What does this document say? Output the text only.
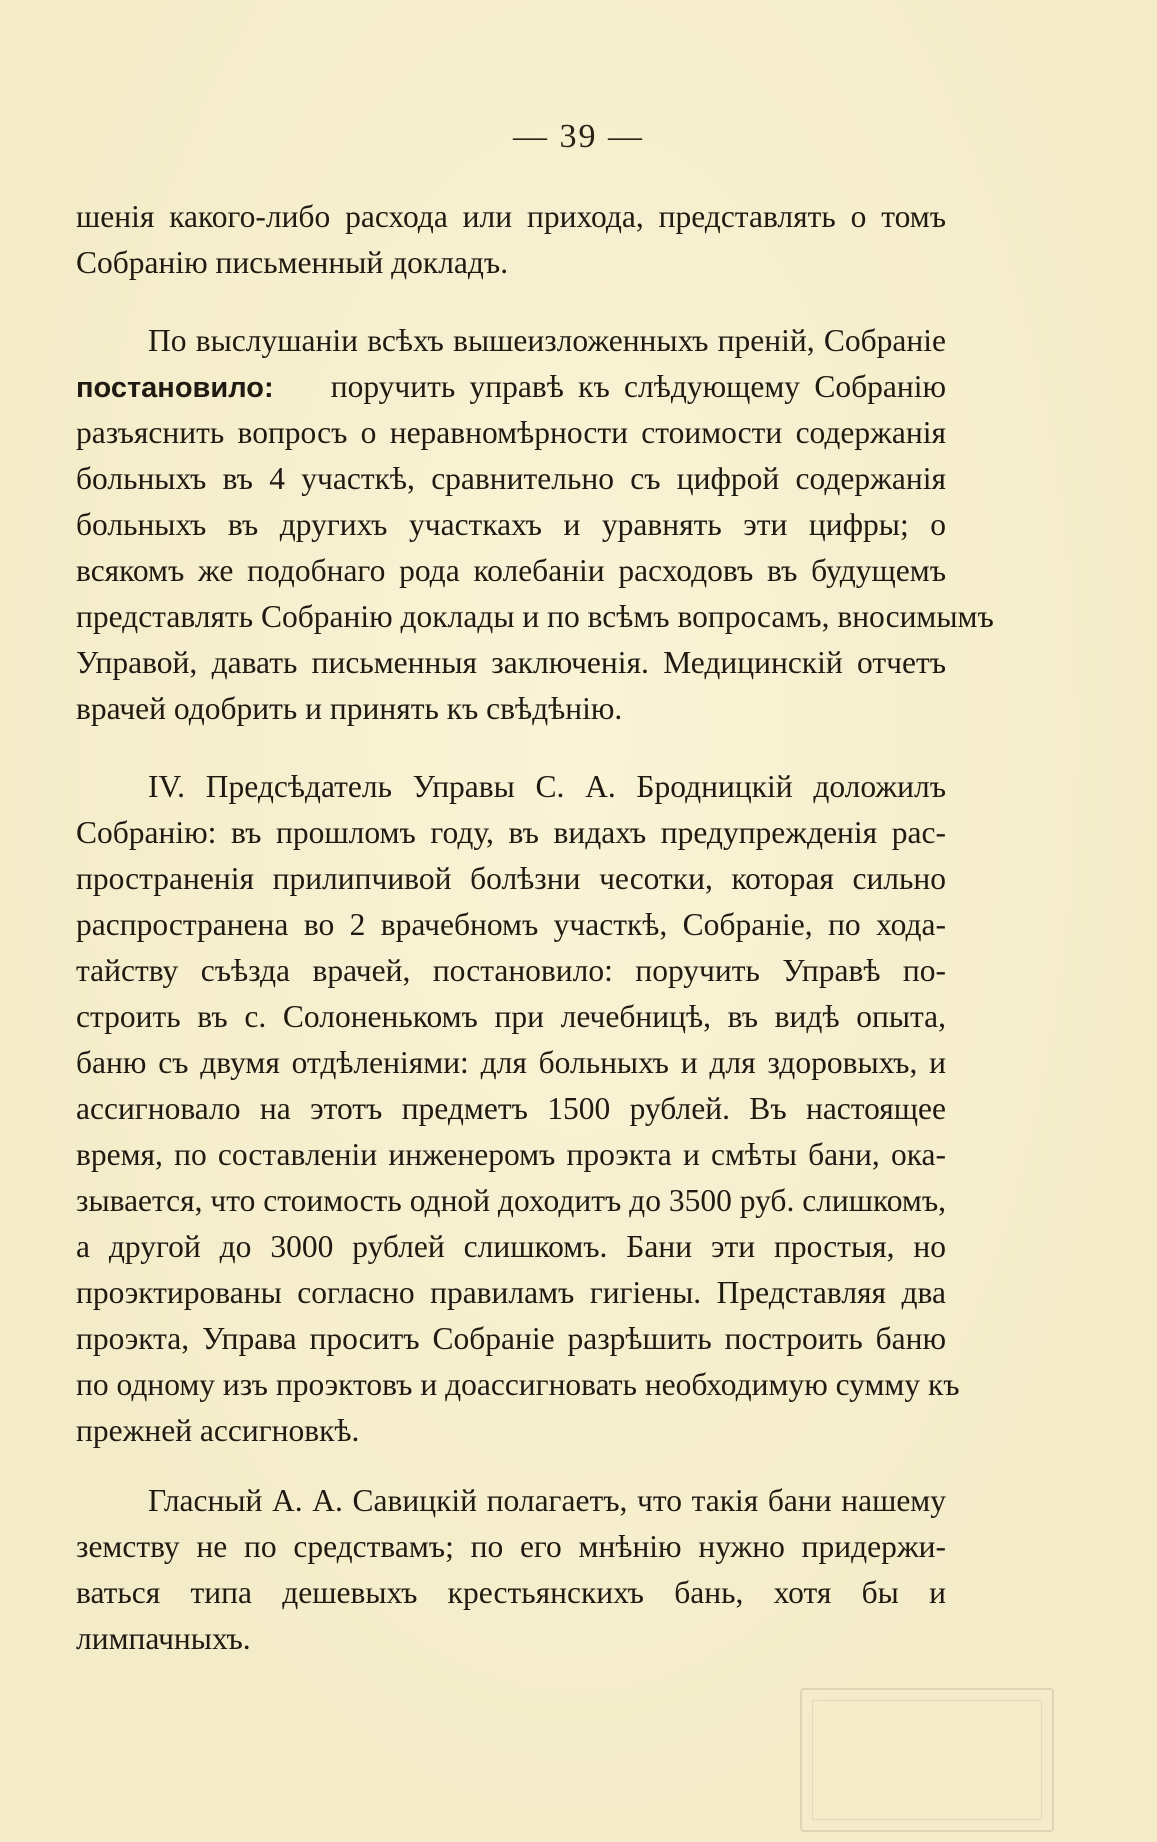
— 39 —
шенія какого-либо расхода или прихода, представлять о томъ
Собранію письменный докладъ.
По выслушаніи всѣхъ вышеизложенныхъ преній, Собраніе
постановило: поручить управѣ къ слѣдующему Собранію
разъяснить вопросъ о неравномѣрности стоимости содержанія
больныхъ въ 4 участкѣ, сравнительно съ цифрой содержанія
больныхъ въ другихъ участкахъ и уравнять эти цифры; о
всякомъ же подобнаго рода колебаніи расходовъ въ будущемъ
представлять Собранію доклады и по всѣмъ вопросамъ, вносимымъ
Управой, давать письменныя заключенія. Медицинскій отчетъ
врачей одобрить и принять къ свѣдѣнію.
IV. Предсѣдатель Управы С. А. Бродницкій доложилъ
Собранію: въ прошломъ году, въ видахъ предупрежденія рас-
пространенія прилипчивой болѣзни чесотки, которая сильно
распространена во 2 врачебномъ участкѣ, Собраніе, по хода-
тайству съѣзда врачей, постановило: поручить Управѣ по-
строить въ с. Солоненькомъ при лечебницѣ, въ видѣ опыта,
баню съ двумя отдѣленіями: для больныхъ и для здоровыхъ, и
ассигновало на этотъ предметъ 1500 рублей. Въ настоящее
время, по составленіи инженеромъ проэкта и смѣты бани, ока-
зывается, что стоимость одной доходитъ до 3500 руб. слишкомъ,
а другой до 3000 рублей слишкомъ. Бани эти простыя, но
проэктированы согласно правиламъ гигіены. Представляя два
проэкта, Управа проситъ Собраніе разрѣшить построить баню
по одному изъ проэктовъ и доассигновать необходимую сумму къ
прежней ассигновкѣ.
Гласный А. А. Савицкій полагаетъ, что такія бани нашему
земству не по средствамъ; по его мнѣнію нужно придержи-
ваться типа дешевыхъ крестьянскихъ бань, хотя бы и
лимпачныхъ.
